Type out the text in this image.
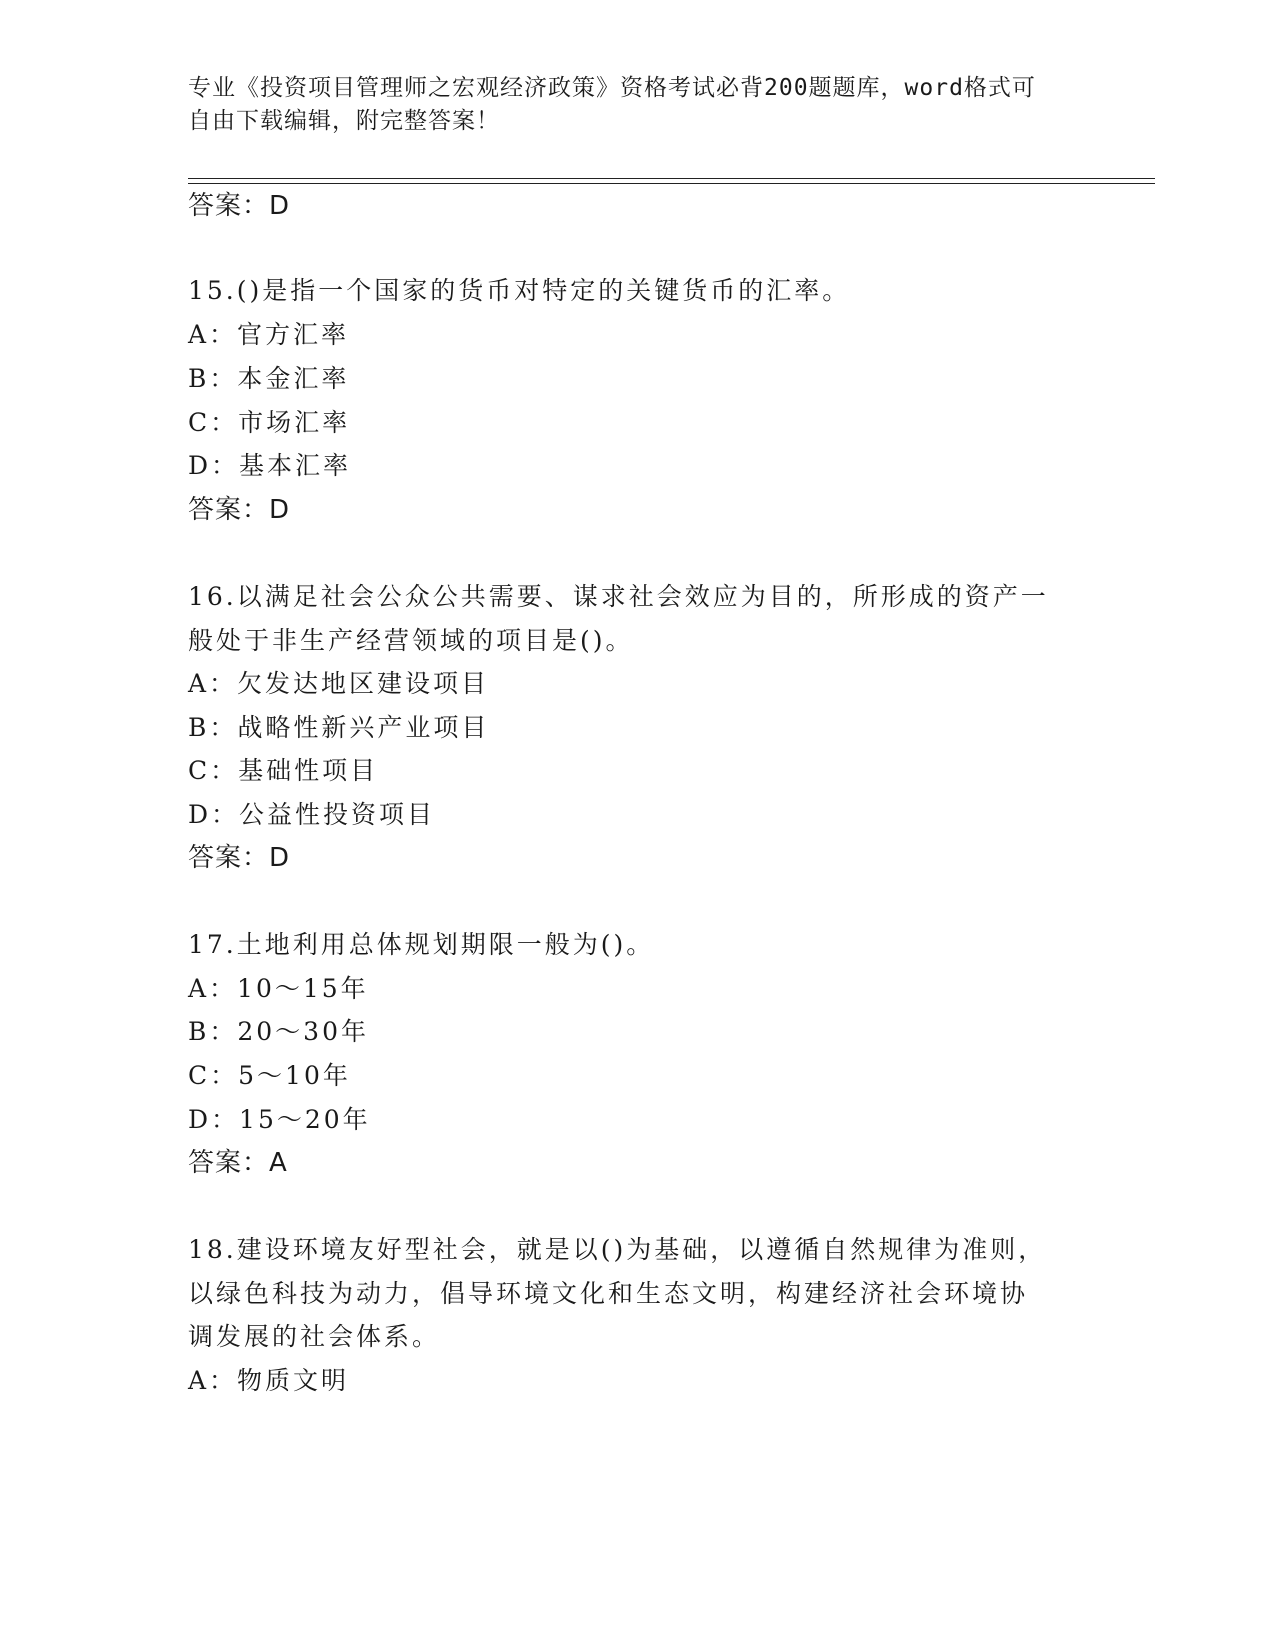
专业《投资项目管理师之宏观经济政策》资格考试必背200题题库，word格式可
自由下载编辑，附完整答案！
答案：D
15.()是指一个国家的货币对特定的关键货币的汇率。
A：官方汇率
B：本金汇率
C：市场汇率
D：基本汇率
答案：D
16.以满足社会公众公共需要、谋求社会效应为目的，所形成的资产一
般处于非生产经营领域的项目是()。
A：欠发达地区建设项目
B：战略性新兴产业项目
C：基础性项目
D：公益性投资项目
答案：D
17.土地利用总体规划期限一般为()。
A：10～15年
B：20～30年
C：5～10年
D：15～20年
答案：A
18.建设环境友好型社会，就是以()为基础，以遵循自然规律为准则，
以绿色科技为动力，倡导环境文化和生态文明，构建经济社会环境协
调发展的社会体系。
A：物质文明
